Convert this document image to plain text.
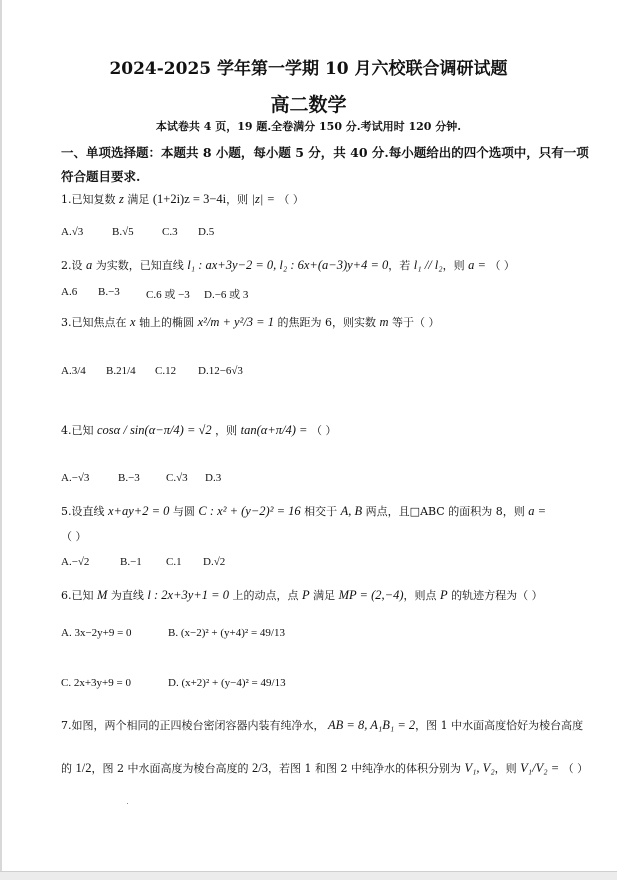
2024-2025 学年第一学期 10 月六校联合调研试题
高二数学
本试卷共 4 页，19 题.全卷满分 150 分.考试用时 120 分钟.
一、单项选择题：本题共 8 小题，每小题 5 分，共 40 分.每小题给出的四个选项中，只有一项
符合题目要求.
1.已知复数 z 满足 (1+2i)z = 3−4i，则 |z| = （ ）
A.√3	B.√5	C.3 D.5
2.设 a 为实数，已知直线 l₁ : ax+3y−2 = 0, l₂ : 6x+(a−3)y+4 = 0，若 l₁ // l₂，则 a = （ ）
A.6 B.−3 C.6 或 −3 D.−6 或 3
3.已知焦点在 x 轴上的椭圆 x²/m + y²/3 = 1 的焦距为 6，则实数 m 等于（ ）
A.3/4 B.21/4 C.12 D.12−6√3
4.已知 cosα / sin(α−π/4) = √2 ，则 tan(α+π/4) = （ ）
A.−√3	B.−3 C.√3 D.3
5.设直线 x+ay+2 = 0 与圆 C : x² + (y−2)² = 16 相交于 A, B 两点，且□ABC 的面积为 8，则 a =
（ ）
A.−√2	B.−1 C.1 D.√2
6.已知 M 为直线 l : 2x+3y+1 = 0 上的动点，点 P 满足 MP = (2,−4)，则点 P 的轨迹方程为（ ）
A. 3x−2y+9 = 0	B. (x−2)² + (y+4)² = 49/13
C. 2x+3y+9 = 0	D. (x+2)² + (y−4)² = 49/13
7.如图，两个相同的正四棱台密闭容器内装有纯净水， AB = 8, A₁B₁ = 2，图 1 中水面高度恰好为棱台高度
的 1/2，图 2 中水面高度为棱台高度的 2/3，若图 1 和图 2 中纯净水的体积分别为 V₁, V₂，则 V₁/V₂ = （ ）
